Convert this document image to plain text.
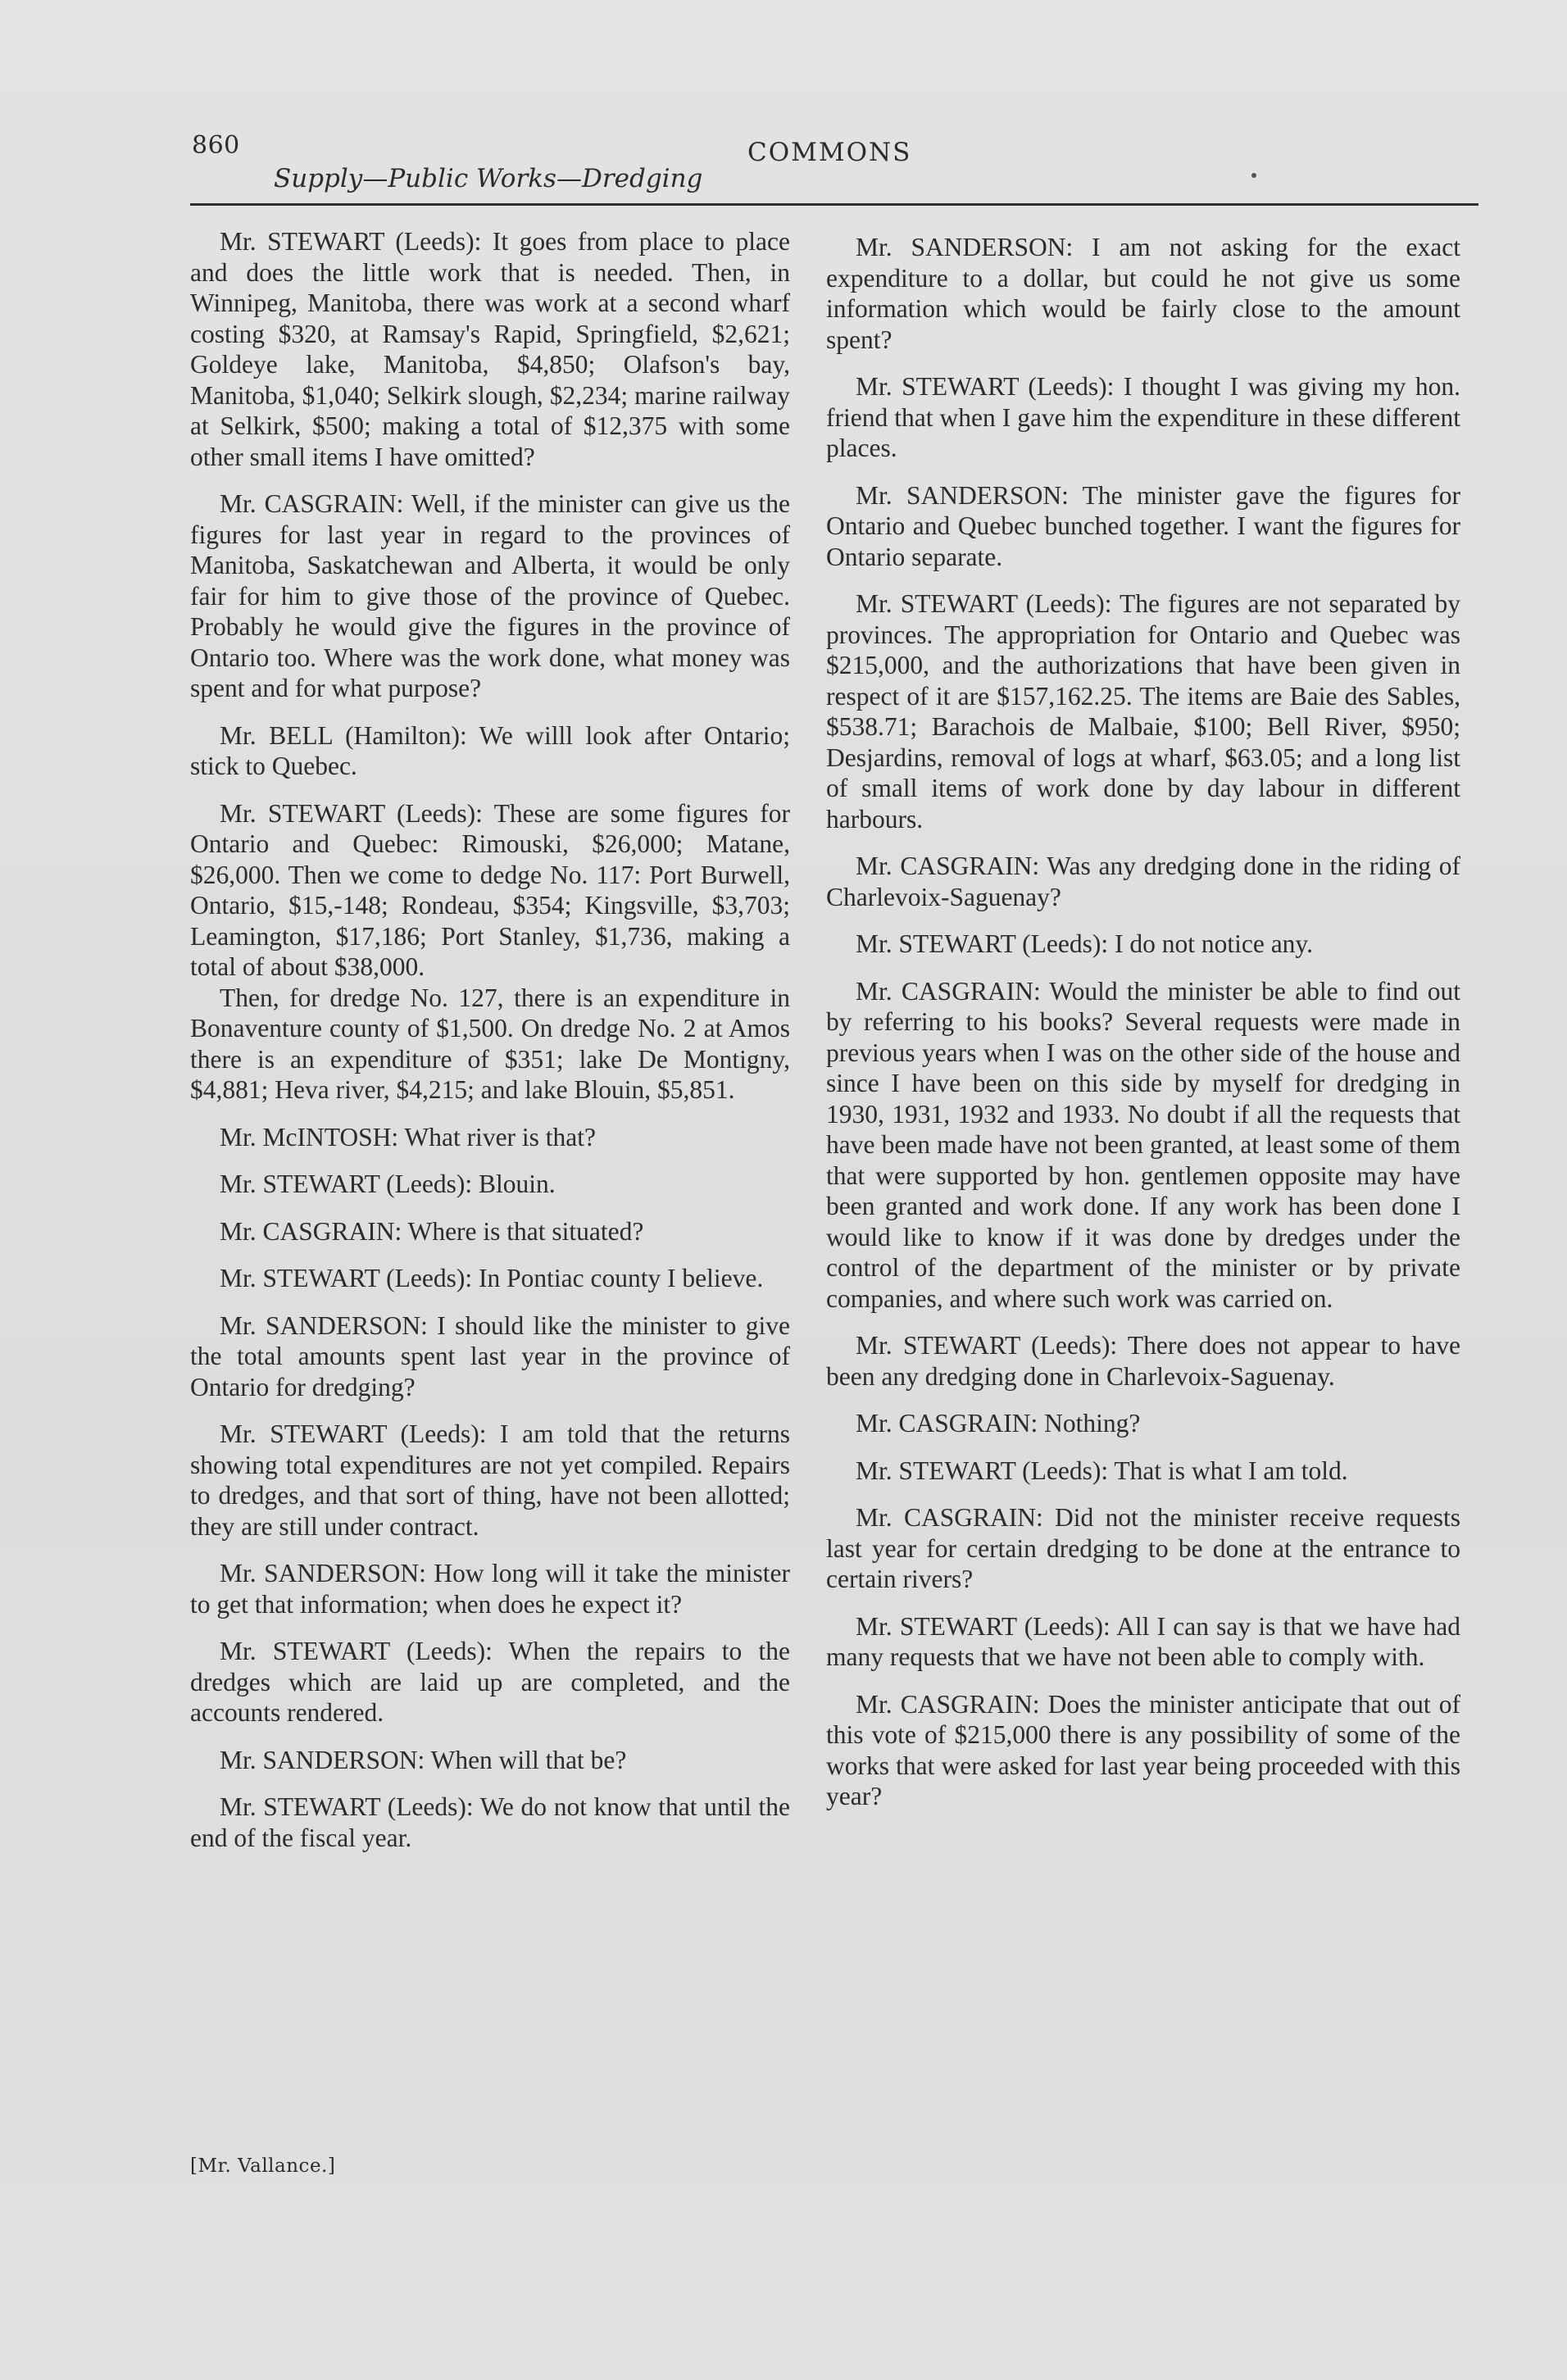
860	COMMONS
Supply—Public Works—Dredging

Mr. STEWART (Leeds): It goes from place to place and does the little work that is needed. Then, in Winnipeg, Manitoba, there was work at a second wharf costing $320, at Ramsay's Rapid, Springfield, $2,621; Goldeye lake, Manitoba, $4,850; Olafson's bay, Manitoba, $1,040; Selkirk slough, $2,234; marine railway at Selkirk, $500; making a total of $12,375 with some other small items I have omitted?

Mr. CASGRAIN: Well, if the minister can give us the figures for last year in regard to the provinces of Manitoba, Saskatchewan and Alberta, it would be only fair for him to give those of the province of Quebec. Probably he would give the figures in the province of Ontario too. Where was the work done, what money was spent and for what purpose?

Mr. BELL (Hamilton): We willl look after Ontario; stick to Quebec.

Mr. STEWART (Leeds): These are some figures for Ontario and Quebec: Rimouski, $26,000; Matane, $26,000. Then we come to dedge No. 117: Port Burwell, Ontario, $15,-148; Rondeau, $354; Kingsville, $3,703; Leamington, $17,186; Port Stanley, $1,736, making a total of about $38,000.

Then, for dredge No. 127, there is an expenditure in Bonaventure county of $1,500. On dredge No. 2 at Amos there is an expenditure of $351; lake De Montigny, $4,881; Heva river, $4,215; and lake Blouin, $5,851.

Mr. McINTOSH: What river is that?

Mr. STEWART (Leeds): Blouin.

Mr. CASGRAIN: Where is that situated?

Mr. STEWART (Leeds): In Pontiac county I believe.

Mr. SANDERSON: I should like the minister to give the total amounts spent last year in the province of Ontario for dredging?

Mr. STEWART (Leeds): I am told that the returns showing total expenditures are not yet compiled. Repairs to dredges, and that sort of thing, have not been allotted; they are still under contract.

Mr. SANDERSON: How long will it take the minister to get that information; when does he expect it?

Mr. STEWART (Leeds): When the repairs to the dredges which are laid up are completed, and the accounts rendered.

Mr. SANDERSON: When will that be?

Mr. STEWART (Leeds): We do not know that until the end of the fiscal year.

Mr. SANDERSON: I am not asking for the exact expenditure to a dollar, but could he not give us some information which would be fairly close to the amount spent?

Mr. STEWART (Leeds): I thought I was giving my hon. friend that when I gave him the expenditure in these different places.

Mr. SANDERSON: The minister gave the figures for Ontario and Quebec bunched together. I want the figures for Ontario separate.

Mr. STEWART (Leeds): The figures are not separated by provinces. The appropriation for Ontario and Quebec was $215,000, and the authorizations that have been given in respect of it are $157,162.25. The items are Baie des Sables, $538.71; Barachois de Malbaie, $100; Bell River, $950; Desjardins, removal of logs at wharf, $63.05; and a long list of small items of work done by day labour in different harbours.

Mr. CASGRAIN: Was any dredging done in the riding of Charlevoix-Saguenay?

Mr. STEWART (Leeds): I do not notice any.

Mr. CASGRAIN: Would the minister be able to find out by referring to his books? Several requests were made in previous years when I was on the other side of the house and since I have been on this side by myself for dredging in 1930, 1931, 1932 and 1933. No doubt if all the requests that have been made have not been granted, at least some of them that were supported by hon. gentlemen opposite may have been granted and work done. If any work has been done I would like to know if it was done by dredges under the control of the department of the minister or by private companies, and where such work was carried on.

Mr. STEWART (Leeds): There does not appear to have been any dredging done in Charlevoix-Saguenay.

Mr. CASGRAIN: Nothing?

Mr. STEWART (Leeds): That is what I am told.

Mr. CASGRAIN: Did not the minister receive requests last year for certain dredging to be done at the entrance to certain rivers?

Mr. STEWART (Leeds): All I can say is that we have had many requests that we have not been able to comply with.

Mr. CASGRAIN: Does the minister anticipate that out of this vote of $215,000 there is any possibility of some of the works that were asked for last year being proceeded with this year?

[Mr. Vallance.]
